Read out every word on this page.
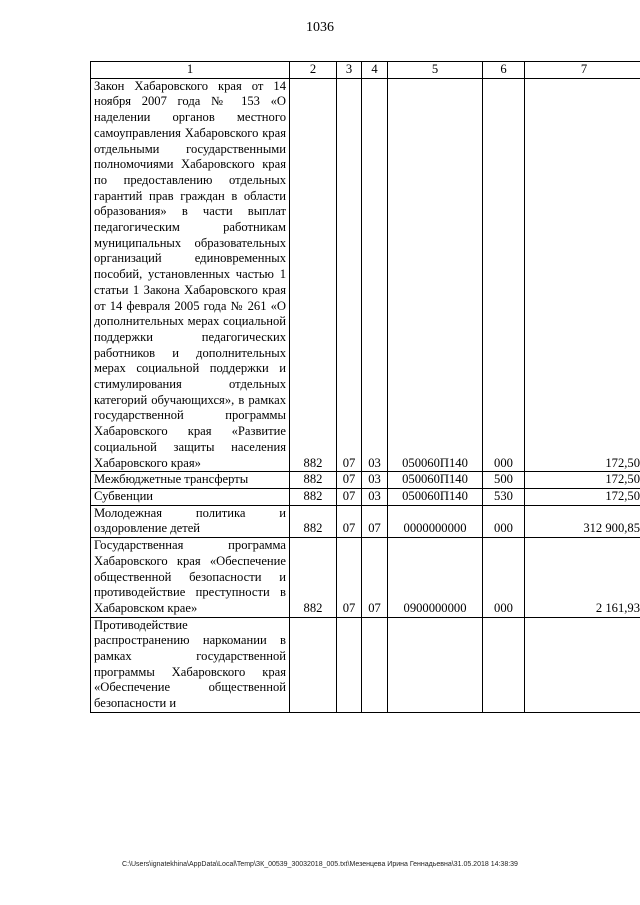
1036
1	2	3	4	5	6	7
Закон Хабаровского края от 14 ноября 2007 года № 153 «О наделении органов местного самоуправления Хабаровского края отдельными государственными полномочиями Хабаровского края по предоставлению отдельных гарантий прав граждан в области образования» в части выплат педагогическим работникам муниципальных образовательных организаций единовременных пособий, установленных частью 1 статьи 1 Закона Хабаровского края от 14 февраля 2005 года № 261 «О дополнительных мерах социальной поддержки педагогических работников и дополнительных мерах социальной поддержки и стимулирования отдельных категорий обучающихся», в рамках государственной программы Хабаровского края «Развитие социальной защиты населения Хабаровского края»	882	07	03	050060П140	000	172,50
Межбюджетные трансферты	882	07	03	050060П140	500	172,50
Субвенции	882	07	03	050060П140	530	172,50
Молодежная политика и оздоровление детей	882	07	07	0000000000	000	312 900,85
Государственная программа Хабаровского края «Обеспечение общественной безопасности и противодействие преступности в Хабаровском крае»	882	07	07	0900000000	000	2 161,93
Противодействие распространению наркомании в рамках государственной программы Хабаровского края «Обеспечение общественной безопасности и						
C:\Users\ignatekhina\AppData\Local\Temp\ЗК_00539_30032018_005.txt\Мезенцева Ирина Геннадьевна\31.05.2018 14:38:39
